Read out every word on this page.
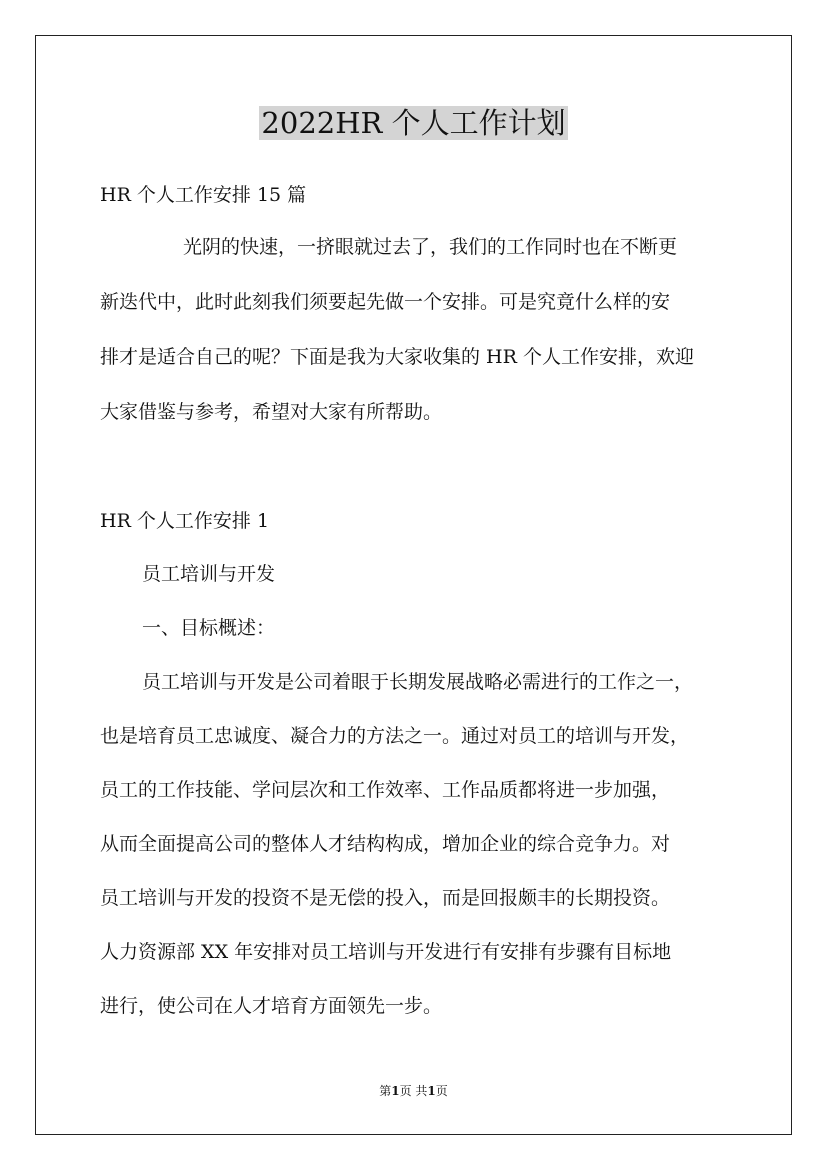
2022HR 个人工作计划

HR 个人工作安排 15 篇

光阴的快速，一挤眼就过去了，我们的工作同时也在不断更

新迭代中，此时此刻我们须要起先做一个安排。可是究竟什么样的安

排才是适合自己的呢？下面是我为大家收集的 HR 个人工作安排，欢迎

大家借鉴与参考，希望对大家有所帮助。

HR 个人工作安排 1

员工培训与开发

一、目标概述：

员工培训与开发是公司着眼于长期发展战略必需进行的工作之一，

也是培育员工忠诚度、凝合力的方法之一。通过对员工的培训与开发，

员工的工作技能、学问层次和工作效率、工作品质都将进一步加强，

从而全面提高公司的整体人才结构构成，增加企业的综合竞争力。对

员工培训与开发的投资不是无偿的投入，而是回报颇丰的长期投资。

人力资源部 XX 年安排对员工培训与开发进行有安排有步骤有目标地

进行，使公司在人才培育方面领先一步。

第1页 共1页
